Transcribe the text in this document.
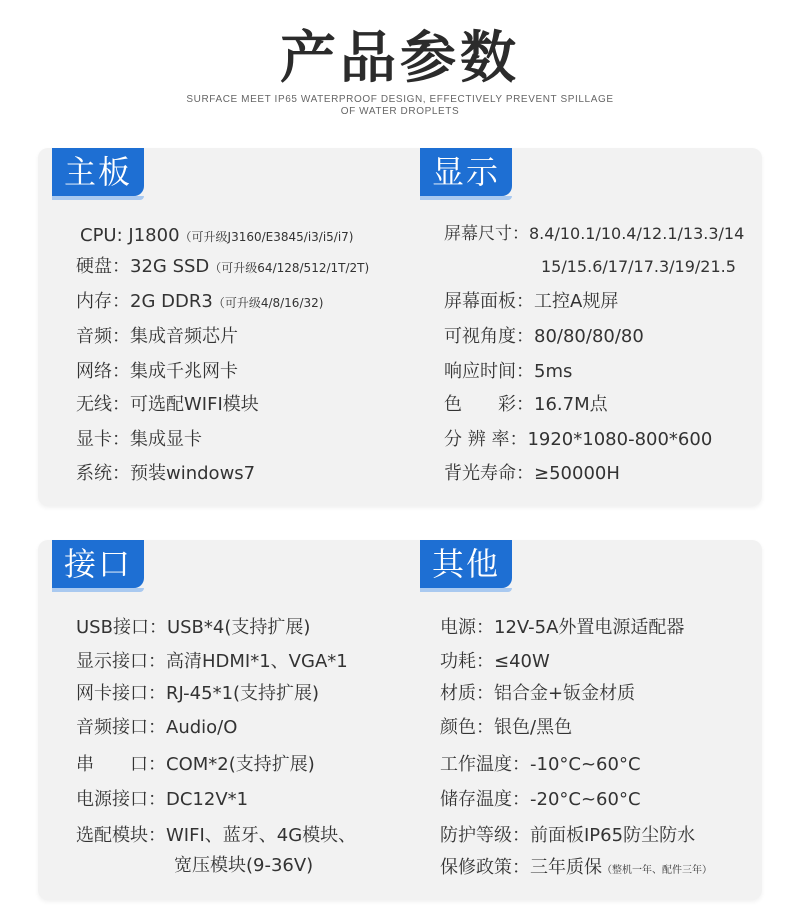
产品参数
SURFACE MEET IP65 WATERPROOF DESIGN, EFFECTIVELY PREVENT SPILLAGE
OF WATER DROPLETS
主板	显示
接口	其他
CPU: J1800（可升级J3160/E3845/i3/i5/i7)
硬盘：32G SSD（可升级64/128/512/1T/2T)
内存：2G DDR3（可升级4/8/16/32)
音频：集成音频芯片
网络：集成千兆网卡
无线：可选配WIFI模块
显卡：集成显卡
系统：预装windows7
屏幕尺寸：8.4/10.1/10.4/12.1/13.3/14
15/15.6/17/17.3/19/21.5
屏幕面板：工控A规屏
可视角度：80/80/80/80
响应时间：5ms
色　　彩：16.7M点
分 辨 率：1920*1080-800*600
背光寿命：≥50000H
USB接口：USB*4(支持扩展)
显示接口：高清HDMI*1、VGA*1
网卡接口：RJ-45*1(支持扩展)
音频接口：Audio/O
串　　口：COM*2(支持扩展)
电源接口：DC12V*1
选配模块：WIFI、蓝牙、4G模块、
宽压模块(9-36V)
电源：12V-5A外置电源适配器
功耗：≤40W
材质：铝合金+钣金材质
颜色：银色/黑色
工作温度：-10°C~60°C
储存温度：-20°C~60°C
防护等级：前面板IP65防尘防水
保修政策：三年质保（整机一年、配件三年）
